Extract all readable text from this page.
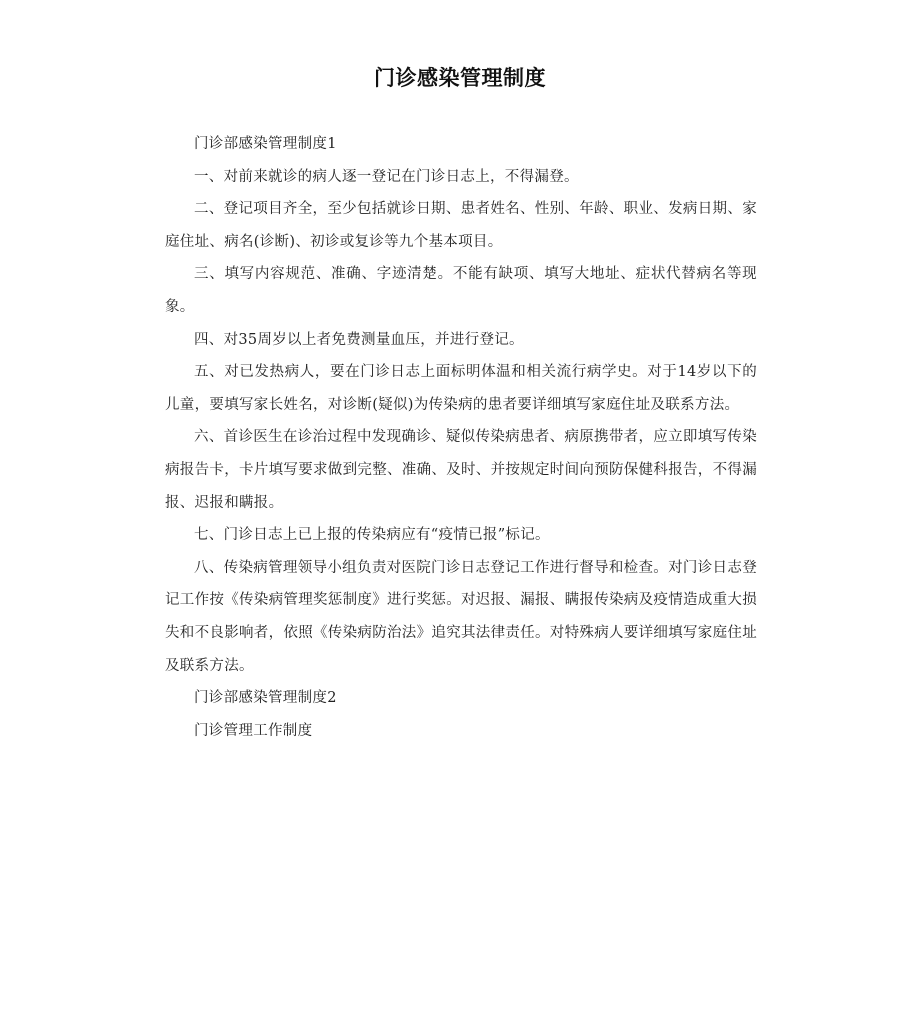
门诊感染管理制度

门诊部感染管理制度1

一、对前来就诊的病人逐一登记在门诊日志上，不得漏登。

二、登记项目齐全，至少包括就诊日期、患者姓名、性别、年龄、职业、发病日期、家庭住址、病名(诊断)、初诊或复诊等九个基本项目。

三、填写内容规范、准确、字迹清楚。不能有缺项、填写大地址、症状代替病名等现象。

四、对35周岁以上者免费测量血压，并进行登记。

五、对已发热病人，要在门诊日志上面标明体温和相关流行病学史。对于14岁以下的儿童，要填写家长姓名，对诊断(疑似)为传染病的患者要详细填写家庭住址及联系方法。

六、首诊医生在诊治过程中发现确诊、疑似传染病患者、病原携带者，应立即填写传染病报告卡，卡片填写要求做到完整、准确、及时、并按规定时间向预防保健科报告，不得漏报、迟报和瞒报。

七、门诊日志上已上报的传染病应有“疫情已报”标记。

八、传染病管理领导小组负责对医院门诊日志登记工作进行督导和检查。对门诊日志登记工作按《传染病管理奖惩制度》进行奖惩。对迟报、漏报、瞒报传染病及疫情造成重大损失和不良影响者，依照《传染病防治法》追究其法律责任。对特殊病人要详细填写家庭住址及联系方法。

门诊部感染管理制度2

门诊管理工作制度
